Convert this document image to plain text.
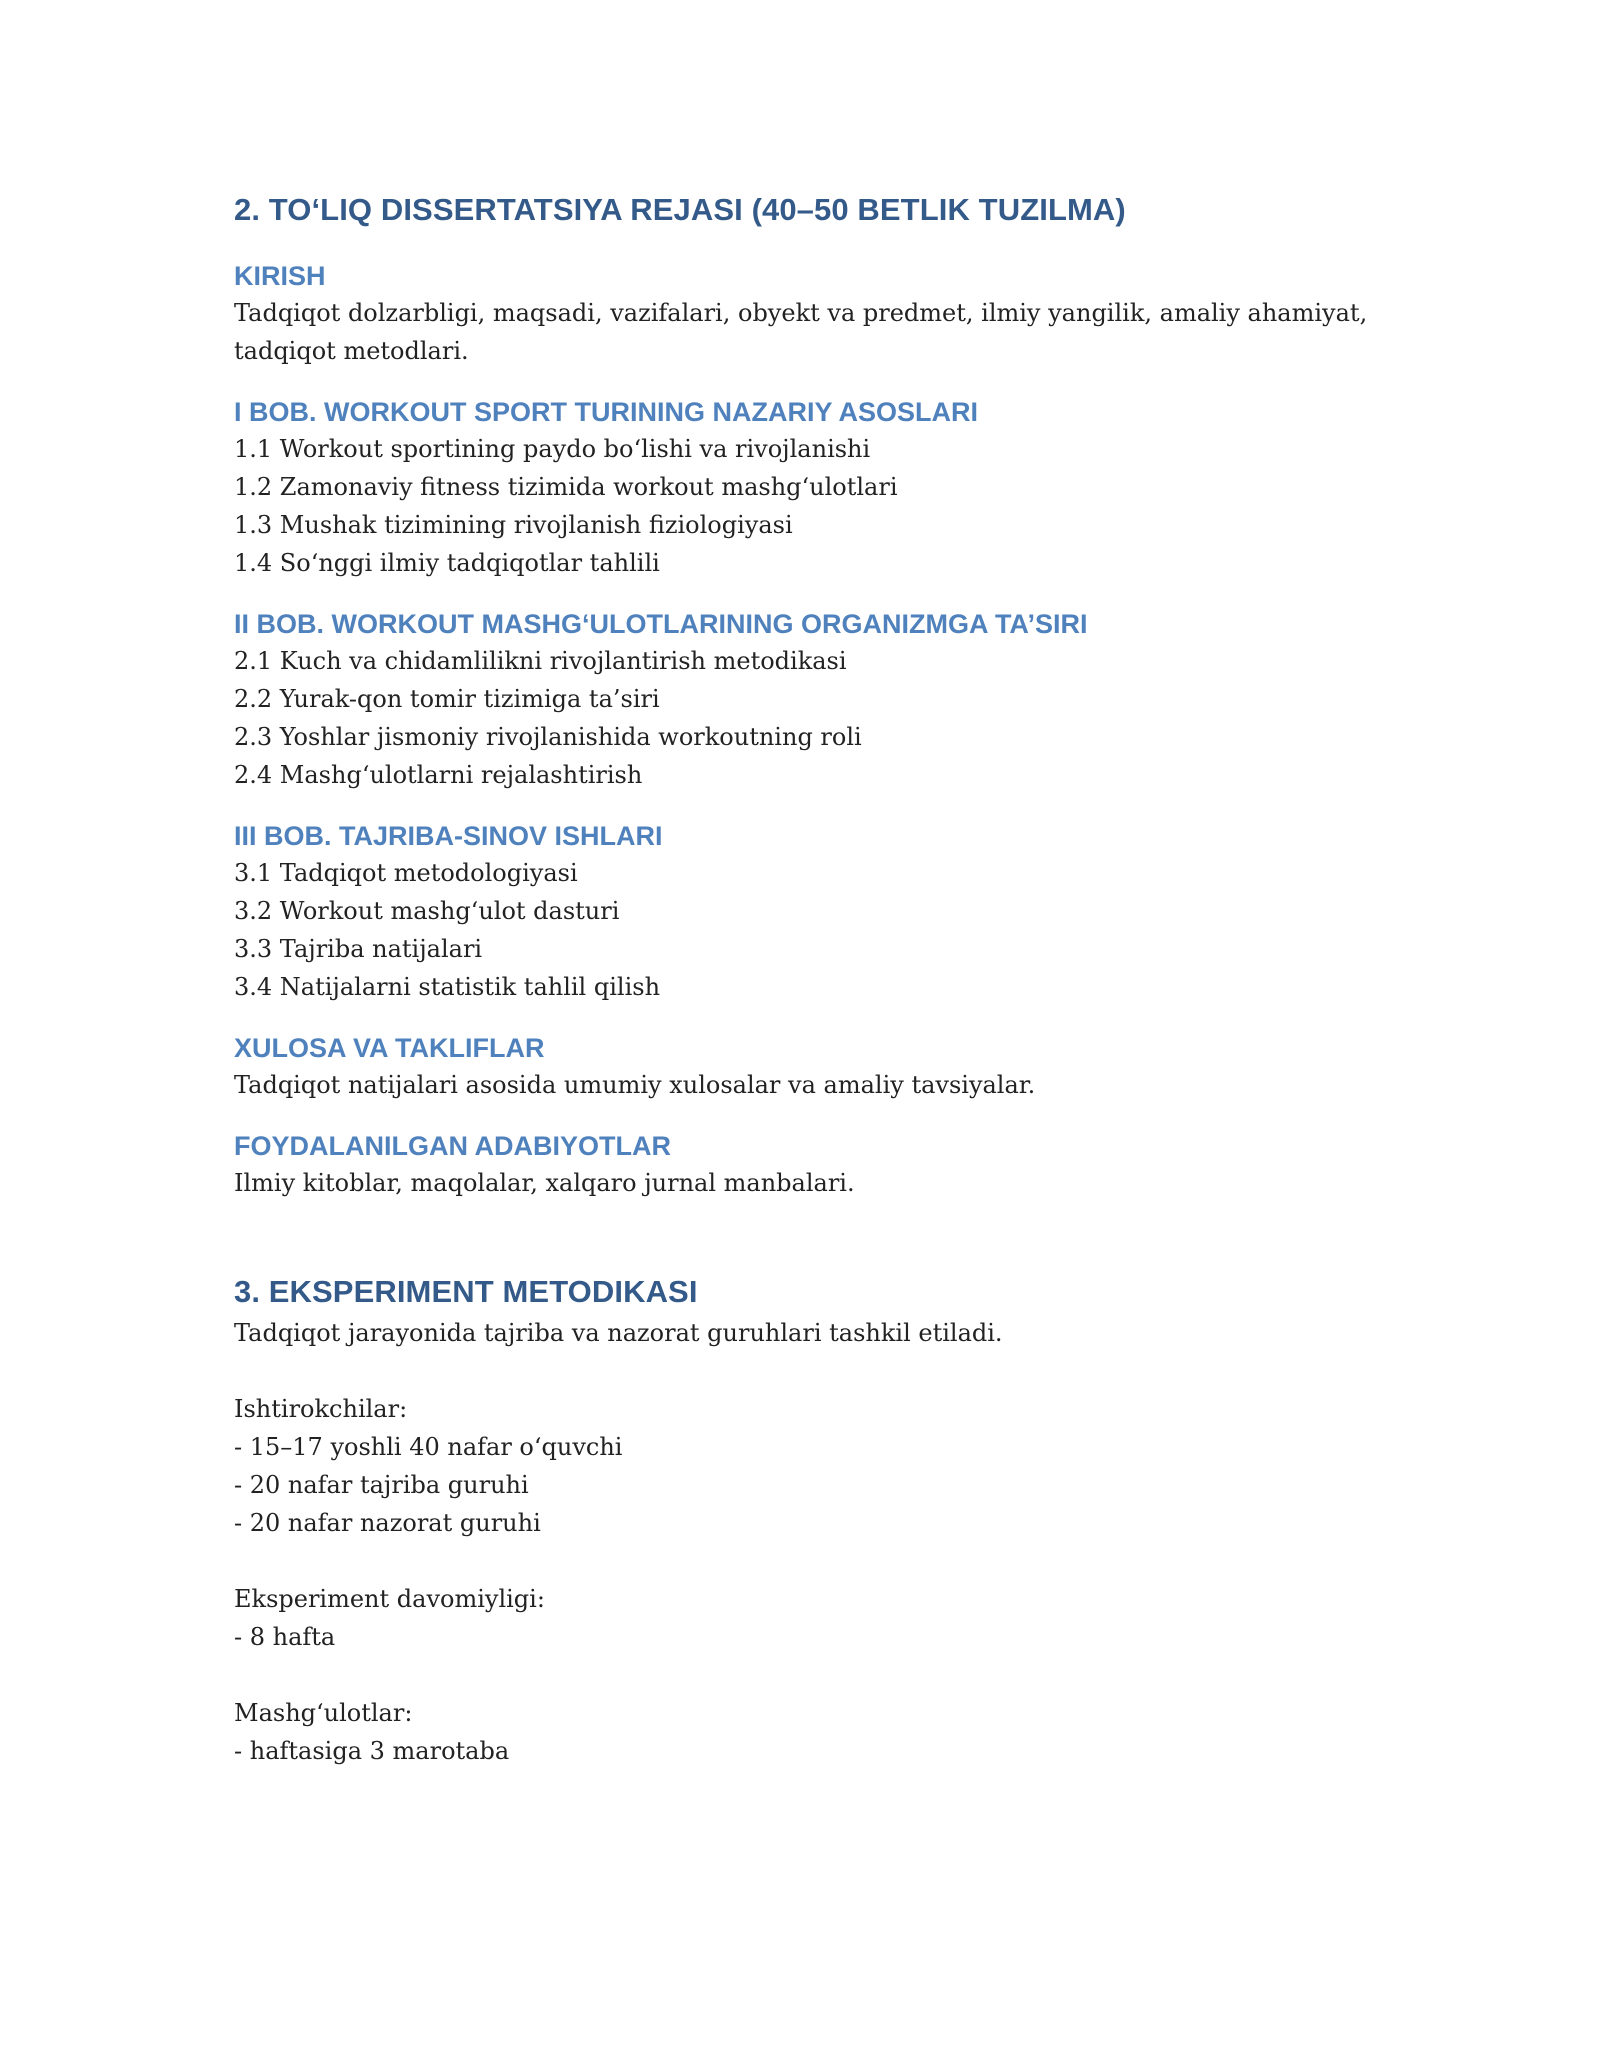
2. TO‘LIQ DISSERTATSIYA REJASI (40–50 BETLIK TUZILMA)
KIRISH

Tadqiqot dolzarbligi, maqsadi, vazifalari, obyekt va predmet, ilmiy yangilik, amaliy ahamiyat, tadqiqot metodlari.

I BOB. WORKOUT SPORT TURINING NAZARIY ASOSLARI
1.1 Workout sportining paydo bo‘lishi va rivojlanishi
1.2 Zamonaviy fitness tizimida workout mashg‘ulotlari
1.3 Mushak tizimining rivojlanish fiziologiyasi
1.4 So‘nggi ilmiy tadqiqotlar tahlili
II BOB. WORKOUT MASHG‘ULOTLARINING ORGANIZMGA TA’SIRI
2.1 Kuch va chidamlilikni rivojlantirish metodikasi
2.2 Yurak-qon tomir tizimiga ta’siri
2.3 Yoshlar jismoniy rivojlanishida workoutning roli
2.4 Mashg‘ulotlarni rejalashtirish
III BOB. TAJRIBA-SINOV ISHLARI
3.1 Tadqiqot metodologiyasi
3.2 Workout mashg‘ulot dasturi
3.3 Tajriba natijalari
3.4 Natijalarni statistik tahlil qilish
XULOSA VA TAKLIFLAR

Tadqiqot natijalari asosida umumiy xulosalar va amaliy tavsiyalar.

FOYDALANILGAN ADABIYOTLAR

Ilmiy kitoblar, maqolalar, xalqaro jurnal manbalari.

3. EKSPERIMENT METODIKASI

Tadqiqot jarayonida tajriba va nazorat guruhlari tashkil etiladi.

Ishtirokchilar:

- 15–17 yoshli 40 nafar o‘quvchi
- 20 nafar tajriba guruhi
- 20 nafar nazorat guruhi

Eksperiment davomiyligi:

- 8 hafta

Mashg‘ulotlar:

- haftasiga 3 marotaba
